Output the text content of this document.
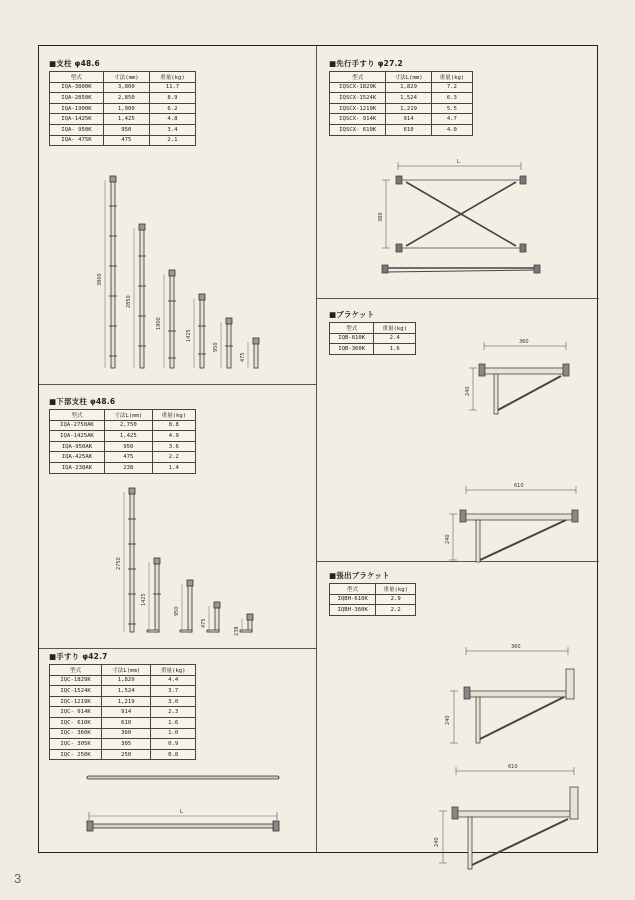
■支柱 φ48.6
型式	寸法(mm)	重量(kg)
IQA-3800K	3,800	11.7
IQA-2850K	2,850	8.9
IQA-1900K	1,900	6.2
IQA-1425K	1,425	4.8
IQA- 950K	950	3.4
IQA- 475K	475	2.1
■下部支柱 φ48.6
型式	寸法L(mm)	重量(kg)
IQA-2750AK	2,750	8.8
IQA-1425AK	1,425	4.9
IQA-950AK	950	3.6
IQA-425AK	475	2.2
IQA-238AK	238	1.4
■手すり φ42.7
型式	寸法L(mm)	重量(kg)
IQC-1829K	1,829	4.4
IQC-1524K	1,524	3.7
IQC-1219K	1,219	3.0
IQC- 914K	914	2.3
IQC- 610K	610	1.6
IQC- 360K	360	1.0
IQC- 305K	305	0.9
IQC- 250K	250	0.8
■先行手すり φ27.2
型式	寸法L(mm)	重量(kg)
IQSCX-1829K	1,829	7.2
IQSCX-1524K	1,524	6.3
IQSCX-1219K	1,219	5.5
IQSCX- 914K	914	4.7
IQSCX- 610K	610	4.0
■ブラケット
型式	重量(kg)
IQB-610K	2.4
IQB-360K	1.6
■張出ブラケット
型式	重量(kg)
IQBH-610K	2.9
IQBH-360K	2.2
3800
2850
1900
1425
950
475
2750
1425
950
475
238
L
L
380
360
240
610
240
360
240
610
240
3
